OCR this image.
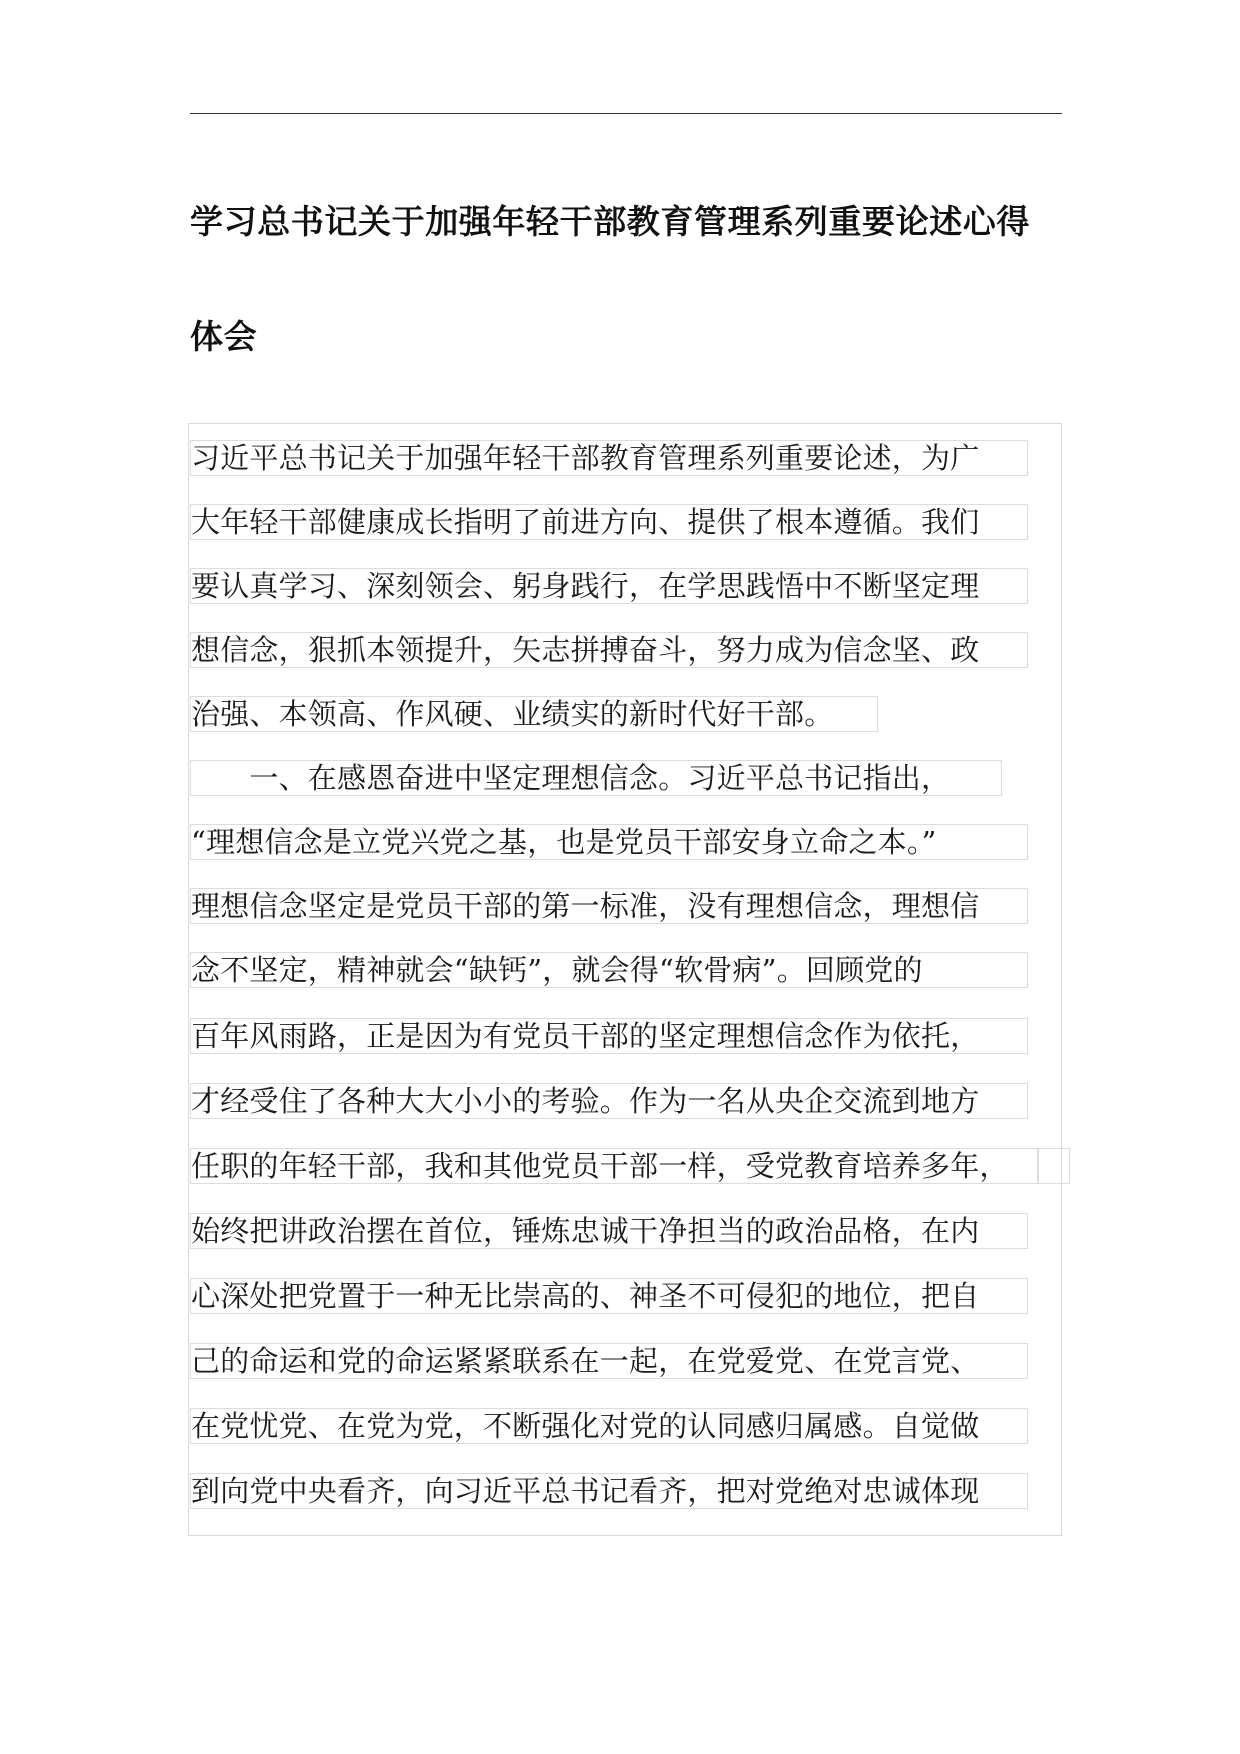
学习总书记关于加强年轻干部教育管理系列重要论述心得
体会
习近平总书记关于加强年轻干部教育管理系列重要论述，为广
大年轻干部健康成长指明了前进方向、提供了根本遵循。我们
要认真学习、深刻领会、躬身践行，在学思践悟中不断坚定理
想信念，狠抓本领提升，矢志拼搏奋斗，努力成为信念坚、政
治强、本领高、作风硬、业绩实的新时代好干部。
　　一、在感恩奋进中坚定理想信念。习近平总书记指出，
“理想信念是立党兴党之基，也是党员干部安身立命之本。”
理想信念坚定是党员干部的第一标准，没有理想信念，理想信
念不坚定，精神就会“缺钙”，就会得“软骨病”。回顾党的
百年风雨路，正是因为有党员干部的坚定理想信念作为依托，
才经受住了各种大大小小的考验。作为一名从央企交流到地方
任职的年轻干部，我和其他党员干部一样，受党教育培养多年，
始终把讲政治摆在首位，锤炼忠诚干净担当的政治品格，在内
心深处把党置于一种无比崇高的、神圣不可侵犯的地位，把自
己的命运和党的命运紧紧联系在一起，在党爱党、在党言党、
在党忧党、在党为党，不断强化对党的认同感归属感。自觉做
到向党中央看齐，向习近平总书记看齐，把对党绝对忠诚体现
